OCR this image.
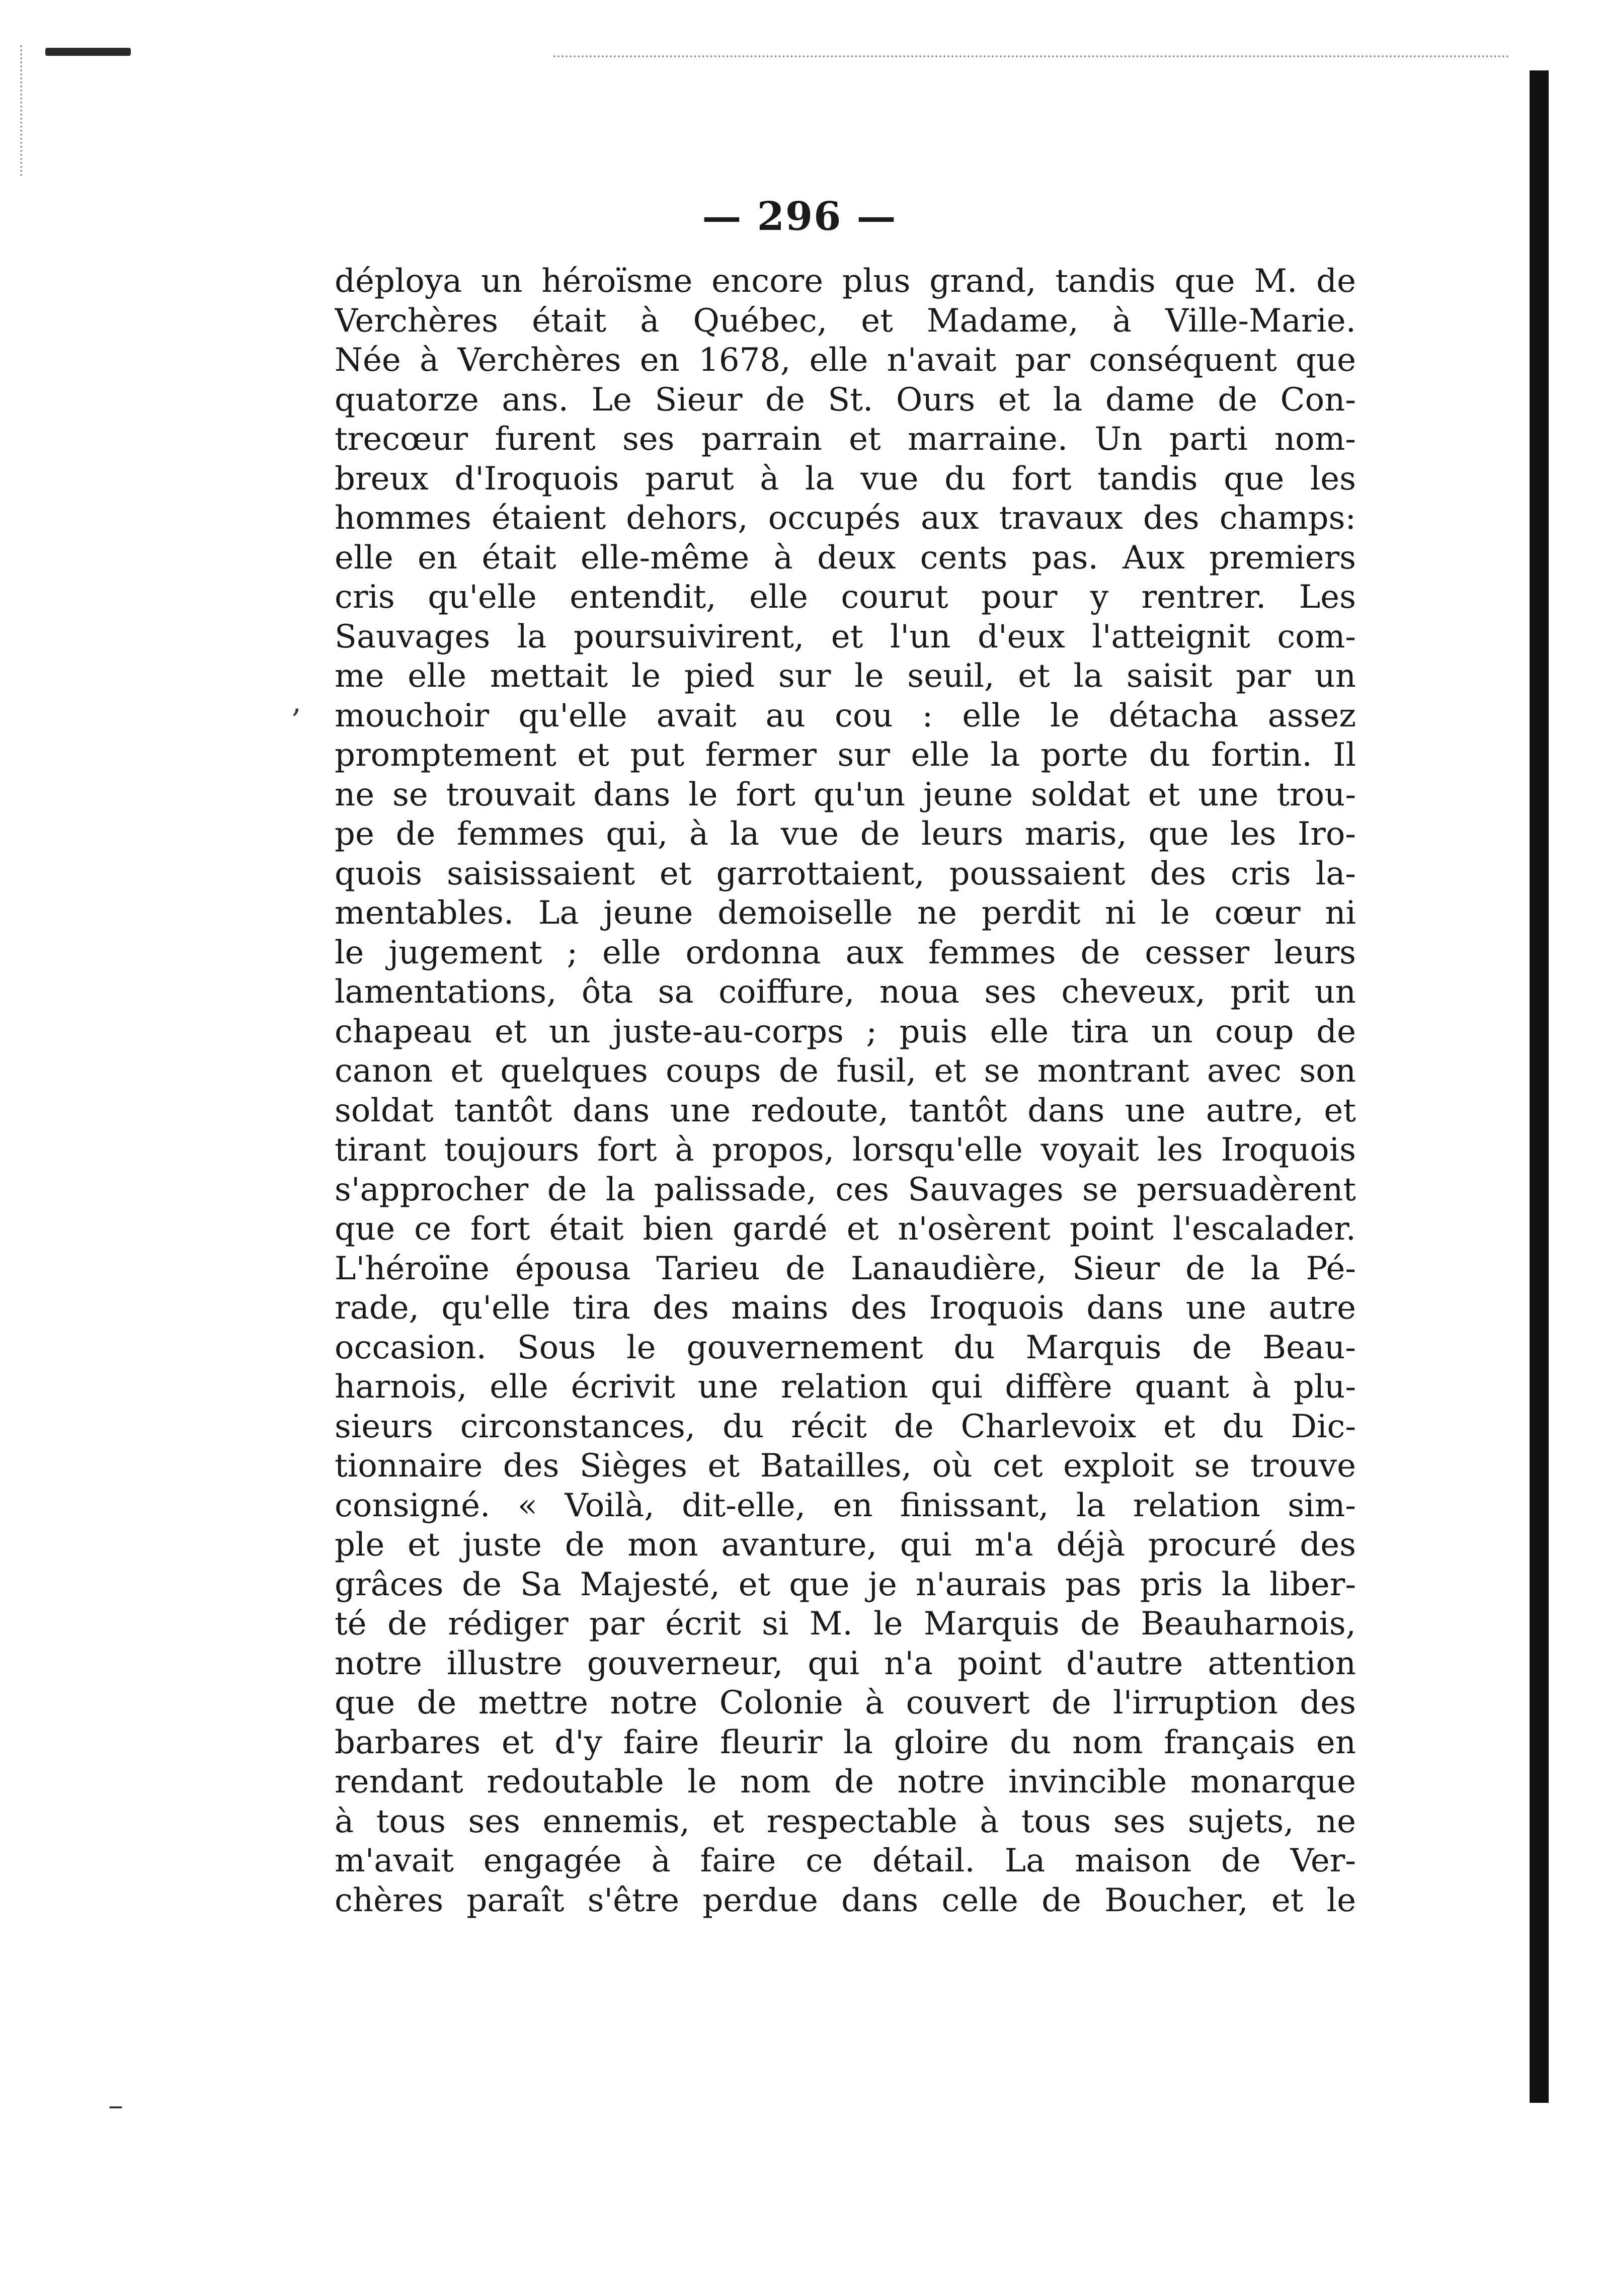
— 296 —
,
–
déploya un héroïsme encore plus grand, tandis que M. de
Verchères était à Québec, et Madame, à Ville-Marie.
Née à Verchères en 1678, elle n'avait par conséquent que
quatorze ans. Le Sieur de St. Ours et la dame de Con-
trecœur furent ses parrain et marraine. Un parti nom-
breux d'Iroquois parut à la vue du fort tandis que les
hommes étaient dehors, occupés aux travaux des champs:
elle en était elle-même à deux cents pas. Aux premiers
cris qu'elle entendit, elle courut pour y rentrer. Les
Sauvages la poursuivirent, et l'un d'eux l'atteignit com-
me elle mettait le pied sur le seuil, et la saisit par un
mouchoir qu'elle avait au cou : elle le détacha assez
promptement et put fermer sur elle la porte du fortin. Il
ne se trouvait dans le fort qu'un jeune soldat et une trou-
pe de femmes qui, à la vue de leurs maris, que les Iro-
quois saisissaient et garrottaient, poussaient des cris la-
mentables. La jeune demoiselle ne perdit ni le cœur ni
le jugement ; elle ordonna aux femmes de cesser leurs
lamentations, ôta sa coiffure, noua ses cheveux, prit un
chapeau et un juste-au-corps ; puis elle tira un coup de
canon et quelques coups de fusil, et se montrant avec son
soldat tantôt dans une redoute, tantôt dans une autre, et
tirant toujours fort à propos, lorsqu'elle voyait les Iroquois
s'approcher de la palissade, ces Sauvages se persuadèrent
que ce fort était bien gardé et n'osèrent point l'escalader.
L'héroïne épousa Tarieu de Lanaudière, Sieur de la Pé-
rade, qu'elle tira des mains des Iroquois dans une autre
occasion. Sous le gouvernement du Marquis de Beau-
harnois, elle écrivit une relation qui diffère quant à plu-
sieurs circonstances, du récit de Charlevoix et du Dic-
tionnaire des Sièges et Batailles, où cet exploit se trouve
consigné. « Voilà, dit-elle, en finissant, la relation sim-
ple et juste de mon avanture, qui m'a déjà procuré des
grâces de Sa Majesté, et que je n'aurais pas pris la liber-
té de rédiger par écrit si M. le Marquis de Beauharnois,
notre illustre gouverneur, qui n'a point d'autre attention
que de mettre notre Colonie à couvert de l'irruption des
barbares et d'y faire fleurir la gloire du nom français en
rendant redoutable le nom de notre invincible monarque
à tous ses ennemis, et respectable à tous ses sujets, ne
m'avait engagée à faire ce détail. La maison de Ver-
chères paraît s'être perdue dans celle de Boucher, et le
